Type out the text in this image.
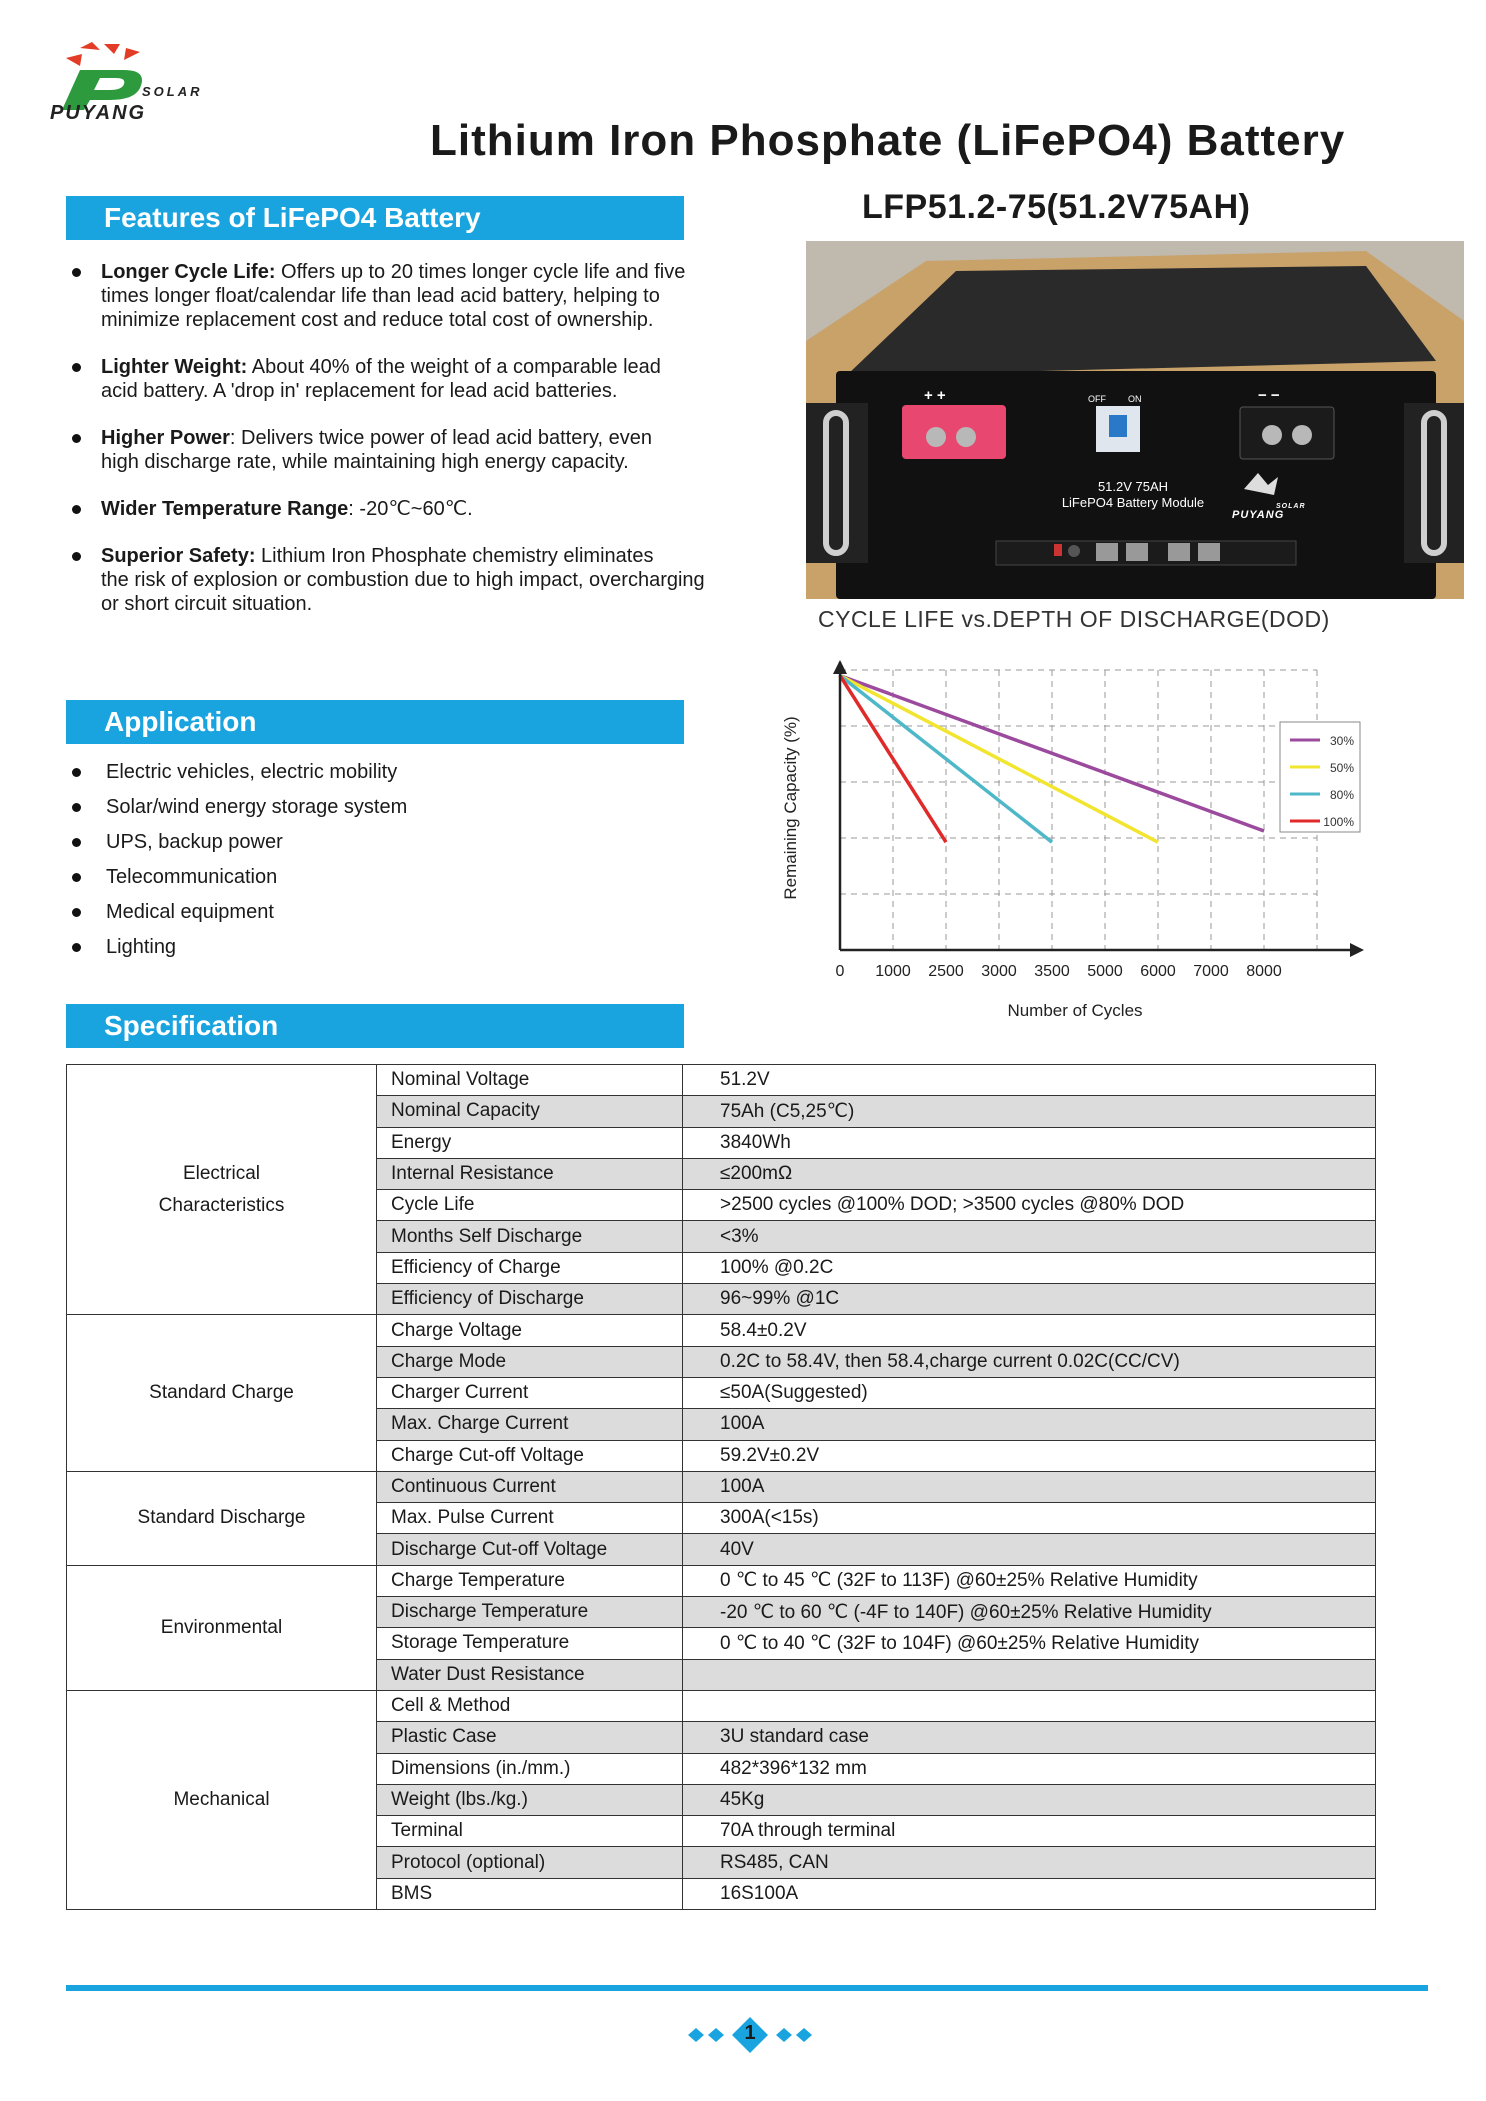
SOLAR
PUYANG
Lithium Iron Phosphate (LiFePO4) Battery
LFP51.2-75(51.2V75AH)
Features of LiFePO4 Battery
Longer Cycle Life: Offers up to 20 times longer cycle life and five
times longer float/calendar life than lead acid battery, helping to
minimize replacement cost and reduce total cost of ownership.
Lighter Weight: About 40% of the weight of a comparable lead
acid battery. A 'drop in' replacement for lead acid batteries.
Higher Power: Delivers twice power of lead acid battery, even
high discharge rate, while maintaining high energy capacity.
Wider Temperature Range: -20℃~60℃.
Superior Safety: Lithium Iron Phosphate chemistry eliminates
the risk of explosion or combustion due to high impact, overcharging
or short circuit situation.
Application
Electric vehicles, electric mobility
Solar/wind energy storage system
UPS, backup power
Telecommunication
Medical equipment
Lighting
+ +	− −
OFF ON
51.2V 75AH
LiFePO4 Battery Module	SOLAR
PUYANG
CYCLE LIFE vs.DEPTH OF DISCHARGE(DOD)
0 1000 2500 3000 3500 5000 6000 7000 8000
Remaining Capacity (%)
Number of Cycles
30%
50%
80%
100%
Specification
Electrical
Characteristics	Nominal Voltage	51.2V
	Nominal Capacity	75Ah (C5,25℃)
	Energy	3840Wh
	Internal Resistance	≤200mΩ
	Cycle Life	>2500 cycles @100% DOD; >3500 cycles @80% DOD
	Months Self Discharge	<3%
	Efficiency of Charge	100% @0.2C
	Efficiency of Discharge	96~99% @1C
Standard Charge	Charge Voltage	58.4±0.2V
	Charge Mode	0.2C to 58.4V, then 58.4,charge current 0.02C(CC/CV)
	Charger Current	≤50A(Suggested)
	Max. Charge Current	100A
	Charge Cut-off Voltage	59.2V±0.2V
Standard Discharge	Continuous Current	100A
	Max. Pulse Current	300A(<15s)
	Discharge Cut-off Voltage	40V
Environmental	Charge Temperature	0 ℃ to 45 ℃ (32F to 113F) @60±25% Relative Humidity
	Discharge Temperature	-20 ℃ to 60 ℃ (-4F to 140F) @60±25% Relative Humidity
	Storage Temperature	0 ℃ to 40 ℃ (32F to 104F) @60±25% Relative Humidity
	Water Dust Resistance	
Mechanical	Cell & Method	
	Plastic Case	3U standard case
	Dimensions (in./mm.)	482*396*132 mm
	Weight (lbs./kg.)	45Kg
	Terminal	70A through terminal
	Protocol (optional)	RS485, CAN
	BMS	16S100A
1
